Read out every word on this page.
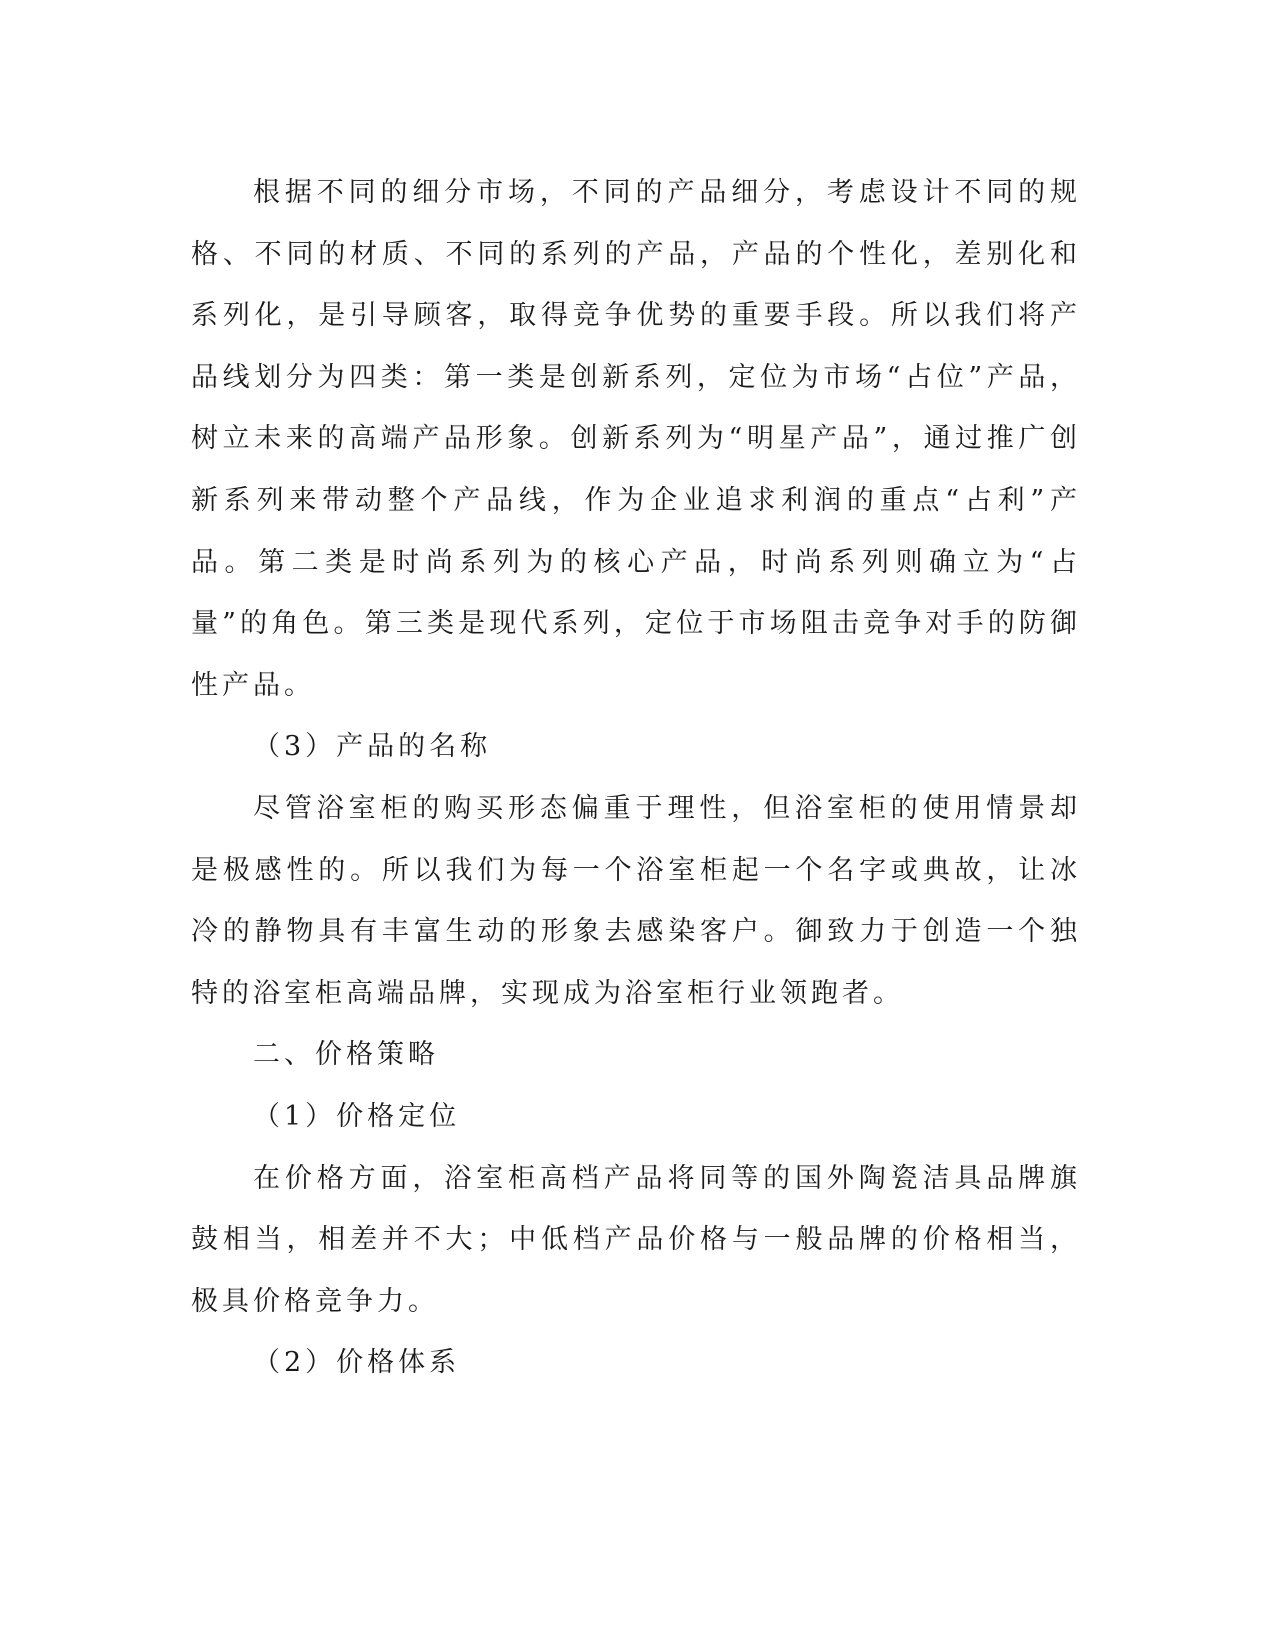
根据不同的细分市场，不同的产品细分，考虑设计不同的规格、不同的材质、不同的系列的产品，产品的个性化，差别化和系列化，是引导顾客，取得竞争优势的重要手段。所以我们将产品线划分为四类：第一类是创新系列，定位为市场“占位”产品，树立未来的高端产品形象。创新系列为“明星产品”，通过推广创新系列来带动整个产品线，作为企业追求利润的重点“占利”产品。第二类是时尚系列为的核心产品，时尚系列则确立为“占量”的角色。第三类是现代系列，定位于市场阻击竞争对手的防御性产品。

（3）产品的名称

尽管浴室柜的购买形态偏重于理性，但浴室柜的使用情景却是极感性的。所以我们为每一个浴室柜起一个名字或典故，让冰冷的静物具有丰富生动的形象去感染客户。御致力于创造一个独特的浴室柜高端品牌，实现成为浴室柜行业领跑者。

二、价格策略

（1）价格定位

在价格方面，浴室柜高档产品将同等的国外陶瓷洁具品牌旗鼓相当，相差并不大；中低档产品价格与一般品牌的价格相当，极具价格竞争力。

（2）价格体系
